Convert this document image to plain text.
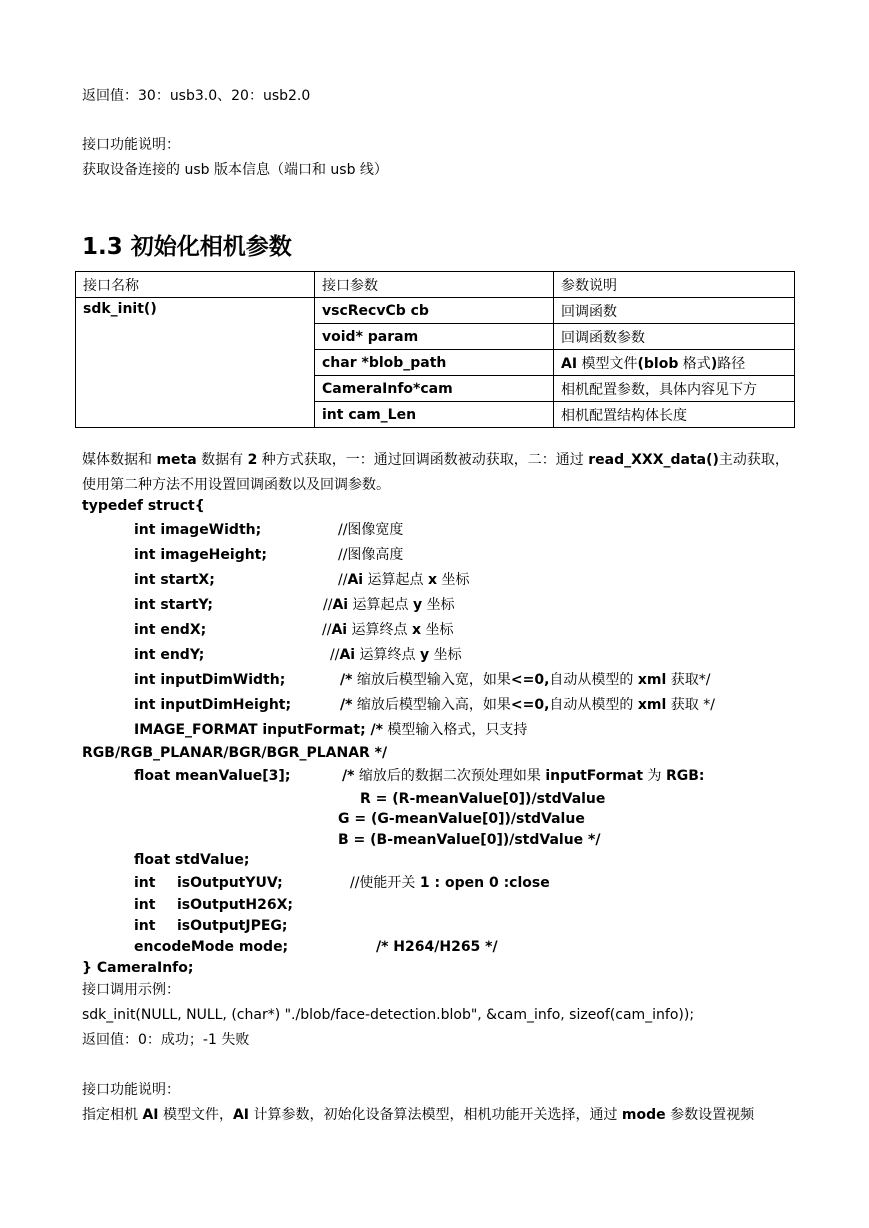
返回值：30：usb3.0、20：usb2.0
接口功能说明：
获取设备连接的 usb 版本信息（端口和 usb 线）
1.3 初始化相机参数
接口名称	接口参数	参数说明
sdk_init()	vscRecvCb cb	回调函数
	void* param	回调函数参数
	char *blob_path	AI 模型文件(blob 格式)路径
	CameraInfo*cam	相机配置参数，具体内容见下方
	int cam_Len	相机配置结构体长度
媒体数据和 meta 数据有 2 种方式获取，一：通过回调函数被动获取，二：通过 read_XXX_data()主动获取，使用第二种方法不用设置回调函数以及回调参数。
typedef struct{
int imageWidth;	//图像宽度
int imageHeight;	//图像高度
int startX;	//Ai 运算起点 x 坐标
int startY;	//Ai 运算起点 y 坐标
int endX;	//Ai 运算终点 x 坐标
int endY;	//Ai 运算终点 y 坐标
int inputDimWidth;	/* 缩放后模型输入宽，如果<=0,自动从模型的 xml 获取*/
int inputDimHeight;	/* 缩放后模型输入高，如果<=0,自动从模型的 xml 获取 */
IMAGE_FORMAT inputFormat; /* 模型输入格式，只支持
RGB/RGB_PLANAR/BGR/BGR_PLANAR */
float meanValue[3];	/* 缩放后的数据二次预处理如果 inputFormat 为 RGB:
R = (R-meanValue[0])/stdValue
G = (G-meanValue[0])/stdValue
B = (B-meanValue[0])/stdValue */
float stdValue;
int isOutputYUV;	//使能开关 1 : open 0 :close
int isOutputH26X;
int isOutputJPEG;
encodeMode mode;	/* H264/H265 */
} CameraInfo;
接口调用示例：
sdk_init(NULL, NULL, (char*) "./blob/face-detection.blob", &cam_info, sizeof(cam_info));
返回值：0：成功；-1 失败
接口功能说明：
指定相机 AI 模型文件，AI 计算参数，初始化设备算法模型，相机功能开关选择，通过 mode 参数设置视频
